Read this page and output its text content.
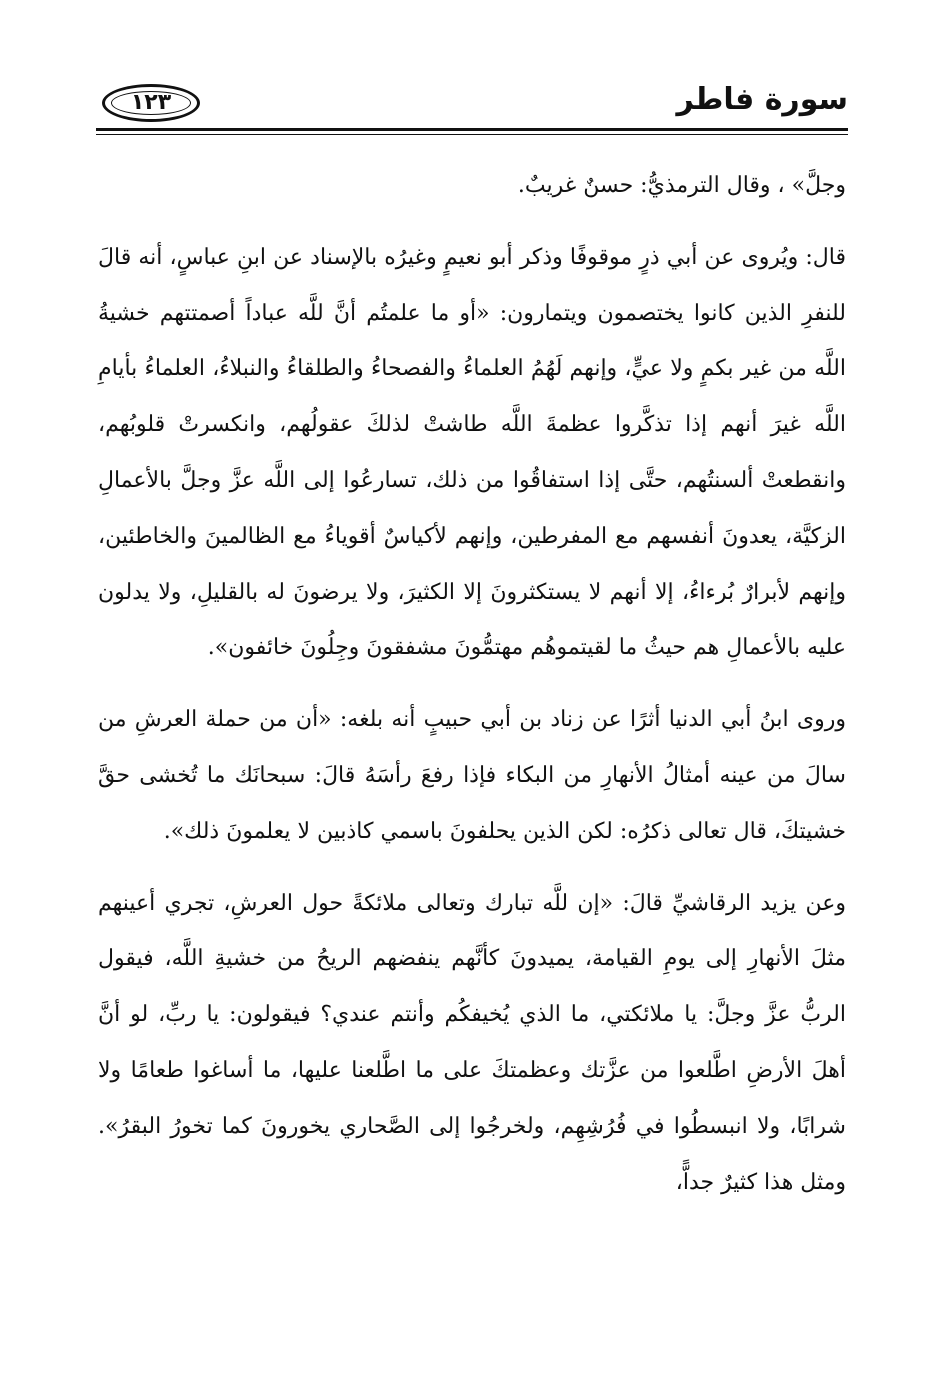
سورة فاطر
١٢٣

وجلَّ» ، وقال الترمذيُّ: حسنٌ غريبٌ.

قال: ويُروى عن أبي ذرٍ موقوفًا وذكر أبو نعيمٍ وغيرُه بالإسناد عن ابنِ عباسٍ، أنه قالَ للنفرِ الذين كانوا يختصمون ويتمارون: «أو ما علمتُم أنَّ للَّه عباداً أصمتتهم خشيةُ اللَّه من غير بكمٍ ولا عيٍّ، وإنهم لَهُمُ العلماءُ والفصحاءُ والطلقاءُ والنبلاءُ، العلماءُ بأيامِ اللَّه غيرَ أنهم إذا تذكَّروا عظمةَ اللَّه طاشتْ لذلكَ عقولُهم، وانكسرتْ قلوبُهم، وانقطعتْ ألسنتُهم، حتَّى إذا استفاقُوا من ذلك، تسارعُوا إلى اللَّه عزَّ وجلَّ بالأعمالِ الزكيَّة، يعدونَ أنفسهم مع المفرطين، وإنهم لأكياسٌ أقوياءُ مع الظالمينَ والخاطئين، وإنهم لأبرارٌ بُرءاءُ، إلا أنهم لا يستكثرونَ إلا الكثيرَ، ولا يرضونَ له بالقليلِ، ولا يدلون عليه بالأعمالِ هم حيثُ ما لقيتموهُم مهتمُّونَ مشفقونَ وجِلُونَ خائفون».

وروى ابنُ أبي الدنيا أثرًا عن زناد بن أبي حبيبٍ أنه بلغه: «أن من حملة العرشِ من سالَ من عينه أمثالُ الأنهارِ من البكاء فإذا رفعَ رأسَهُ قالَ: سبحانَك ما تُخشى حقَّ خشيتكَ، قال تعالى ذكرُه: لكن الذين يحلفونَ باسمي كاذبين لا يعلمونَ ذلك».

وعن يزيد الرقاشيِّ قالَ: «إن للَّه تبارك وتعالى ملائكةً حول العرشِ، تجري أعينهم مثلَ الأنهارِ إلى يومِ القيامة، يميدونَ كأنَّهم ينفضهم الريحُ من خشيةِ اللَّه، فيقول الربُّ عزَّ وجلَّ: يا ملائكتي، ما الذي يُخيفكُم وأنتم عندي؟ فيقولون: يا ربِّ، لو أنَّ أهلَ الأرضِ اطَّلعوا من عزَّتك وعظمتكَ على ما اطَّلعنا عليها، ما أساغوا طعامًا ولا شرابًا، ولا انبسطُوا في فُرُشِهِم، ولخرجُوا إلى الصَّحاري يخورونَ كما تخورُ البقرُ». ومثل هذا كثيرٌ جداًّ،
